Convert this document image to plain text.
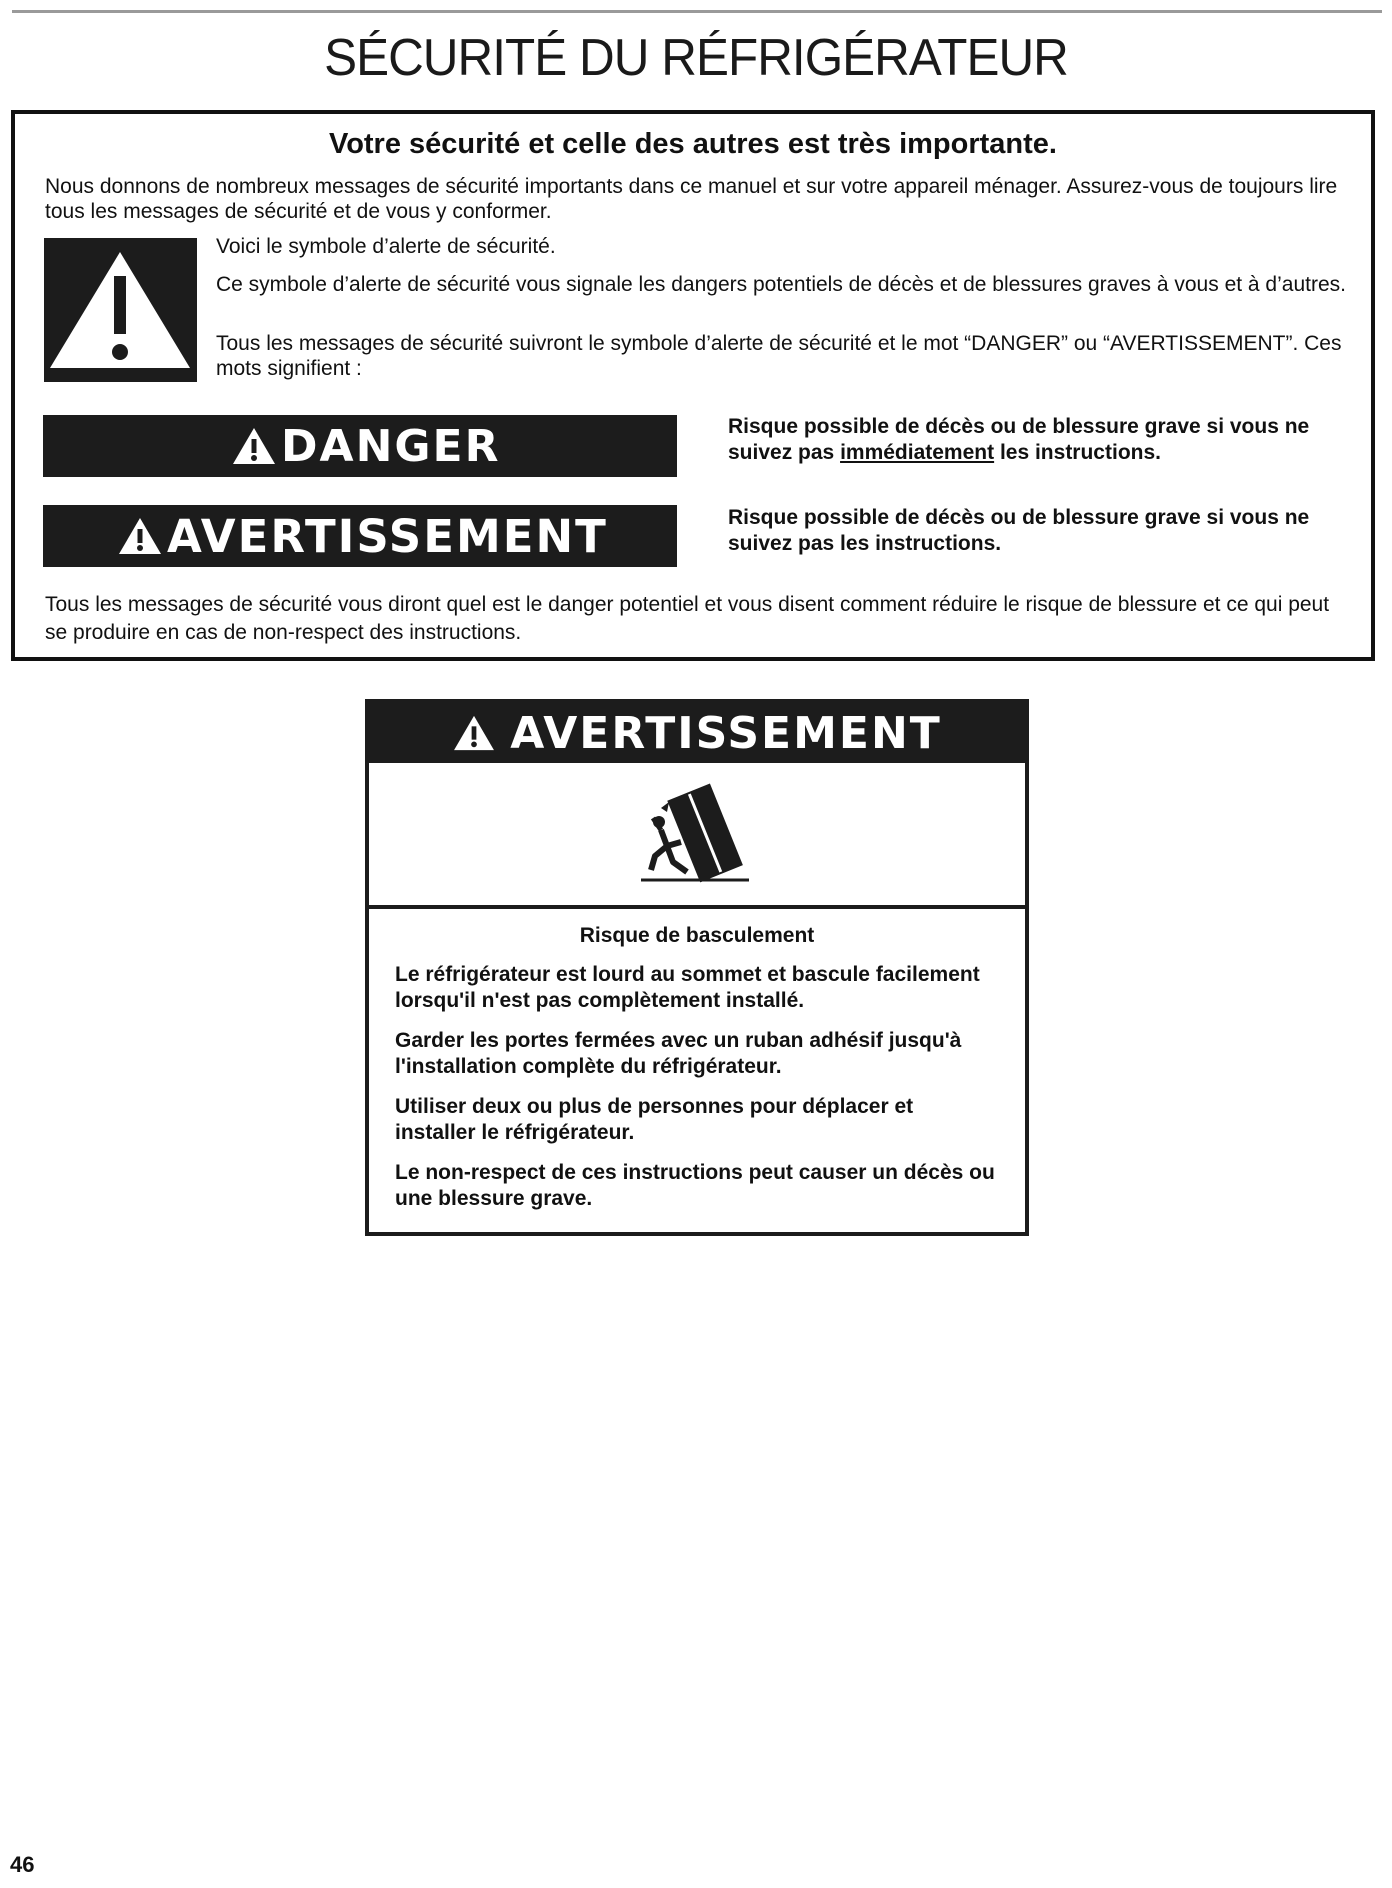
SÉCURITÉ DU RÉFRIGÉRATEUR
Votre sécurité et celle des autres est très importante.
Nous donnons de nombreux messages de sécurité importants dans ce manuel et sur votre appareil ménager. Assurez-vous de toujours lire tous les messages de sécurité et de vous y conformer.

Voici le symbole d’alerte de sécurité.

Ce symbole d’alerte de sécurité vous signale les dangers potentiels de décès et de blessures graves à vous et à d’autres.

Tous les messages de sécurité suivront le symbole d’alerte de sécurité et le mot “DANGER” ou “AVERTISSEMENT”. Ces mots signifient :

DANGER	Risque possible de décès ou de blessure grave si vous ne suivez pas immédiatement les instructions.
AVERTISSEMENT	Risque possible de décès ou de blessure grave si vous ne suivez pas les instructions.
Tous les messages de sécurité vous diront quel est le danger potentiel et vous disent comment réduire le risque de blessure et ce qui peut se produire en cas de non-respect des instructions.
AVERTISSEMENT
Risque de basculement

Le réfrigérateur est lourd au sommet et bascule facilement lorsqu'il n'est pas complètement installé.

Garder les portes fermées avec un ruban adhésif jusqu'à l'installation complète du réfrigérateur.

Utiliser deux ou plus de personnes pour déplacer et installer le réfrigérateur.

Le non-respect de ces instructions peut causer un décès ou une blessure grave.

46
